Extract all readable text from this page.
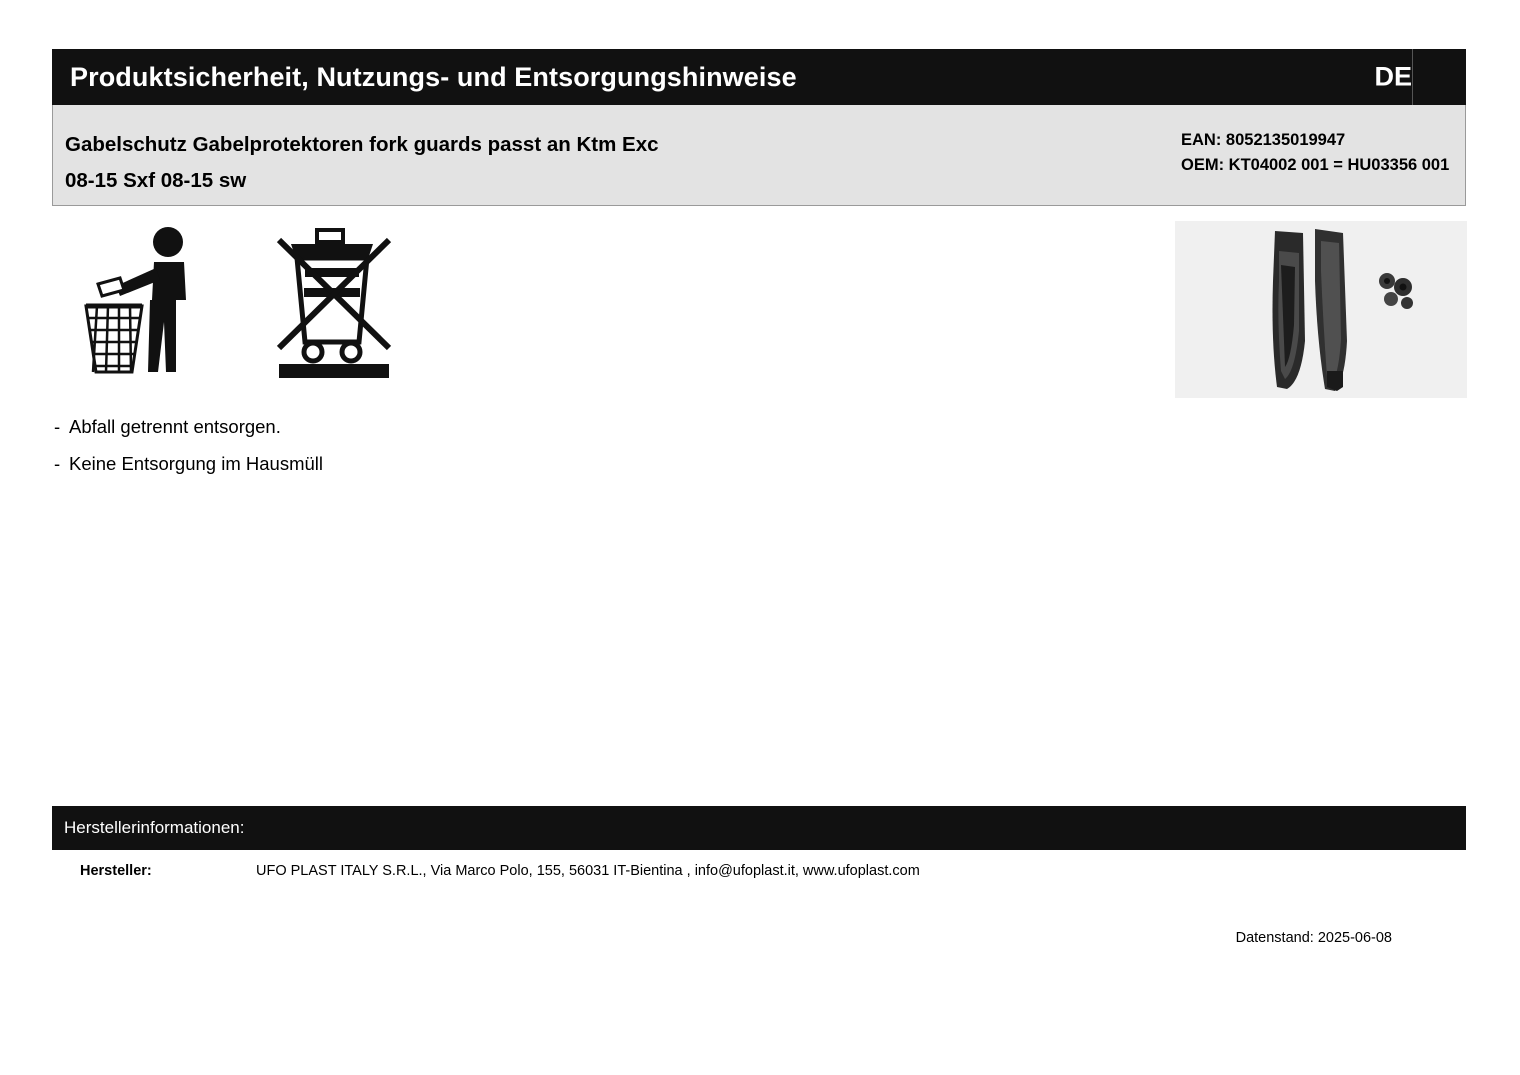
Produktsicherheit, Nutzungs- und Entsorgungshinweise	DE
Gabelschutz Gabelprotektoren fork guards passt an Ktm Exc
08-15 Sxf 08-15 sw
EAN: 8052135019947
OEM: KT04002 001 = HU03356 001
- Abfall getrennt entsorgen.
- Keine Entsorgung im Hausmüll
Herstellerinformationen:
Hersteller:	UFO PLAST ITALY S.R.L., Via Marco Polo, 155, 56031 IT-Bientina , info@ufoplast.it, www.ufoplast.com
Datenstand: 2025-06-08
